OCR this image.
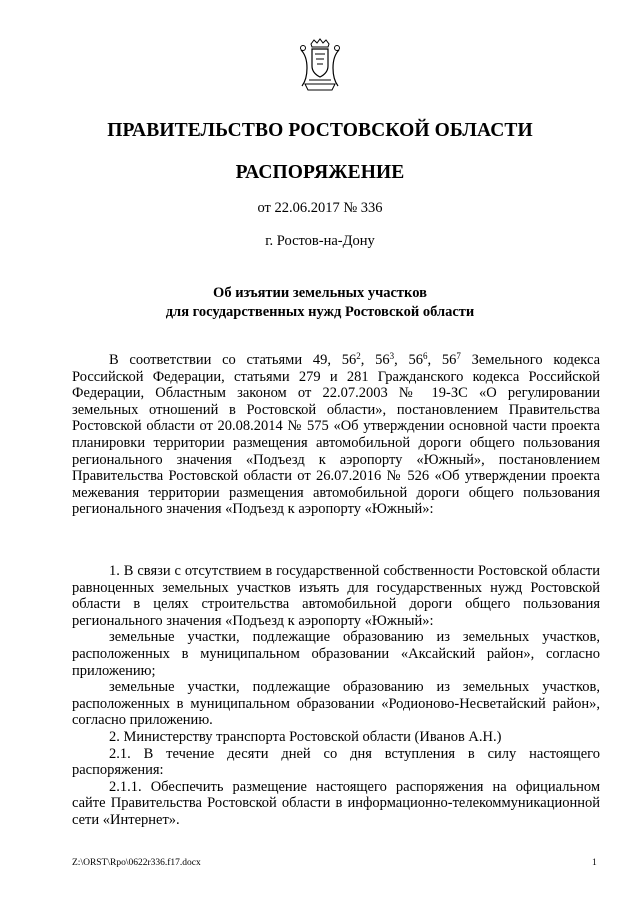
ПРАВИТЕЛЬСТВО РОСТОВСКОЙ ОБЛАСТИ
РАСПОРЯЖЕНИЕ
от 22.06.2017 № 336
г. Ростов-на-Дону
Об изъятии земельных участков
для государственных нужд Ростовской области

В соответствии со статьями 49, $56^2$, $56^3$, $56^6$, $56^7$ Земельного кодекса Российской Федерации, статьями 279 и 281 Гражданского кодекса Российской Федерации, Областным законом от 22.07.2003 № 19-ЗС «О регулировании земельных отношений в Ростовской области», постановлением Правительства Ростовской области от 20.08.2014 № 575 «Об утверждении основной части проекта планировки территории размещения автомобильной дороги общего пользования регионального значения «Подъезд к аэропорту «Южный», постановлением Правительства Ростовской области от 26.07.2016 № 526 «Об утверждении проекта межевания территории размещения автомобильной дороги общего пользования регионального значения «Подъезд к аэропорту «Южный»:

1. В связи с отсутствием в государственной собственности Ростовской области равноценных земельных участков изъять для государственных нужд Ростовской области в целях строительства автомобильной дороги общего пользования регионального значения «Подъезд к аэропорту «Южный»:

земельные участки, подлежащие образованию из земельных участков, расположенных в муниципальном образовании «Аксайский район», согласно приложению;

земельные участки, подлежащие образованию из земельных участков, расположенных в муниципальном образовании «Родионово-Несветайский район», согласно приложению.

2. Министерству транспорта Ростовской области (Иванов А.Н.)

2.1. В течение десяти дней со дня вступления в силу настоящего распоряжения:

2.1.1. Обеспечить размещение настоящего распоряжения на официальном сайте Правительства Ростовской области в информационно-телекоммуникационной сети «Интернет».

Z:\ORST\Rpo\0622r336.f17.docx	1
